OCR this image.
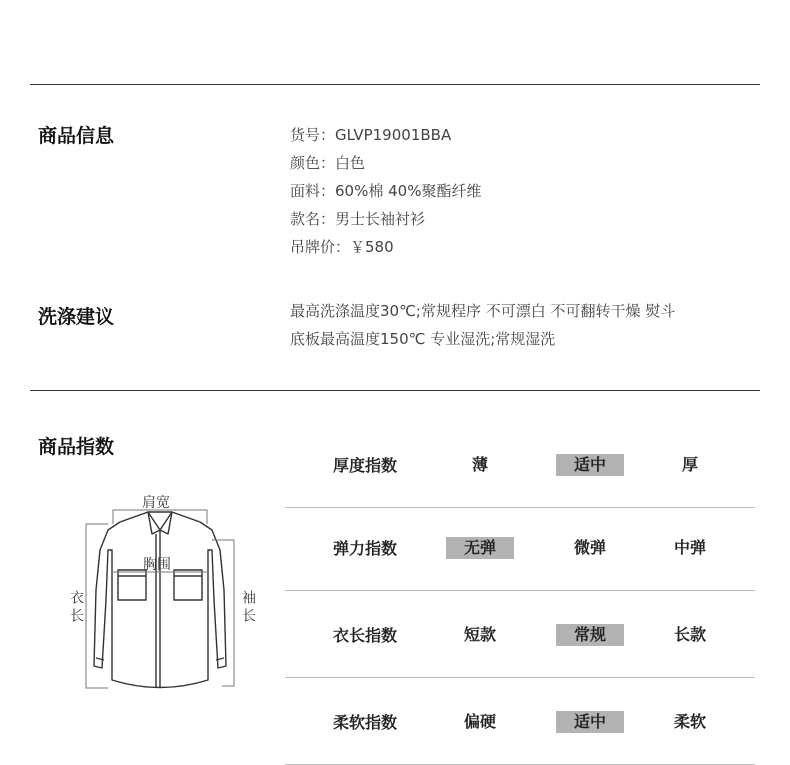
商品信息	货号：GLVP19001BBA
颜色：白色
面料：60%棉 40%聚酯纤维
款名：男士长袖衬衫
吊牌价：￥580
洗涤建议	最高洗涤温度30℃;常规程序 不可漂白 不可翻转干燥 熨斗
底板最高温度150℃ 专业湿洗;常规湿洗
商品指数
肩宽
胸围
衣长	袖长
厚度指数	薄	适中	厚
弹力指数	无弹	微弹	中弹
衣长指数	短款	常规	长款
柔软指数	偏硬	适中	柔软
